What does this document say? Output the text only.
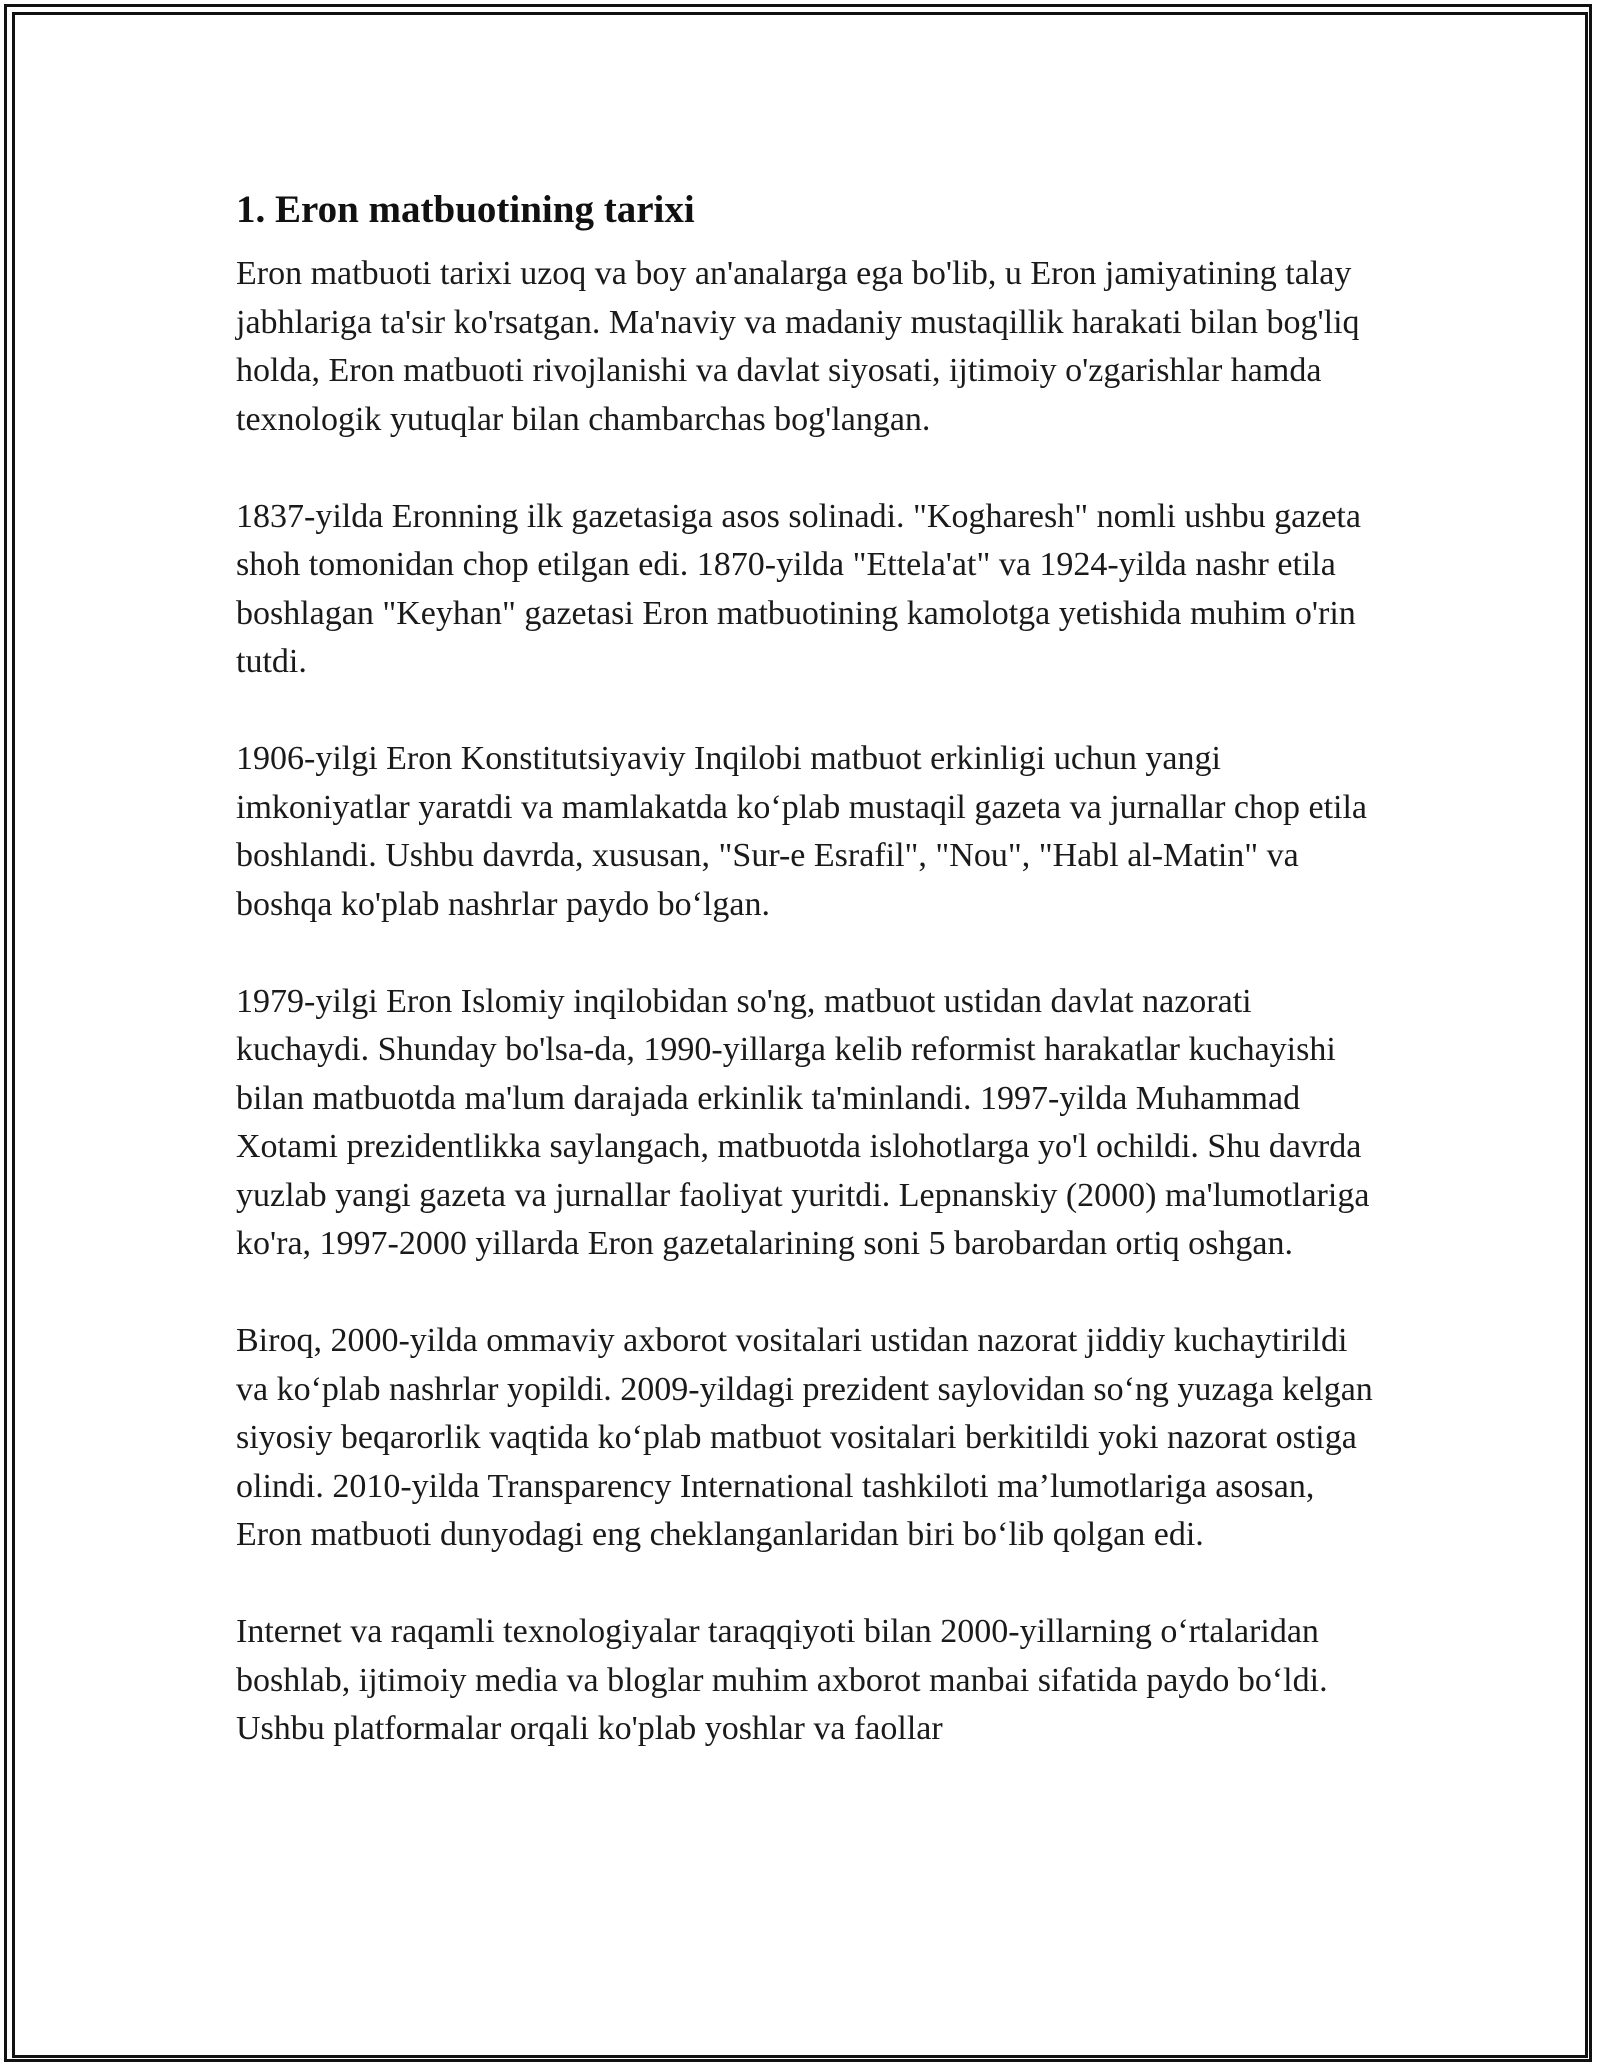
1. Eron matbuotining tarixi

Eron matbuoti tarixi uzoq va boy an'analarga ega bo'lib, u Eron jamiyatining talay jabhlariga ta'sir ko'rsatgan. Ma'naviy va madaniy mustaqillik harakati bilan bog'liq holda, Eron matbuoti rivojlanishi va davlat siyosati, ijtimoiy o'zgarishlar hamda texnologik yutuqlar bilan chambarchas bog'langan.

1837-yilda Eronning ilk gazetasiga asos solinadi. "Kogharesh" nomli ushbu gazeta shoh tomonidan chop etilgan edi. 1870-yilda "Ettela'at" va 1924-yilda nashr etila boshlagan "Keyhan" gazetasi Eron matbuotining kamolotga yetishida muhim o'rin tutdi.

1906-yilgi Eron Konstitutsiyaviy Inqilobi matbuot erkinligi uchun yangi imkoniyatlar yaratdi va mamlakatda ko‘plab mustaqil gazeta va jurnallar chop etila boshlandi. Ushbu davrda, xususan, "Sur-e Esrafil", "Nou", "Habl al-Matin" va boshqa ko'plab nashrlar paydo bo‘lgan.

1979-yilgi Eron Islomiy inqilobidan so'ng, matbuot ustidan davlat nazorati kuchaydi. Shunday bo'lsa-da, 1990-yillarga kelib reformist harakatlar kuchayishi bilan matbuotda ma'lum darajada erkinlik ta'minlandi. 1997-yilda Muhammad Xotami prezidentlikka saylangach, matbuotda islohotlarga yo'l ochildi. Shu davrda yuzlab yangi gazeta va jurnallar faoliyat yuritdi. Lepnanskiy (2000) ma'lumotlariga ko'ra, 1997-2000 yillarda Eron gazetalarining soni 5 barobardan ortiq oshgan.

Biroq, 2000-yilda ommaviy axborot vositalari ustidan nazorat jiddiy kuchaytirildi va ko‘plab nashrlar yopildi. 2009-yildagi prezident saylovidan so‘ng yuzaga kelgan siyosiy beqarorlik vaqtida ko‘plab matbuot vositalari berkitildi yoki nazorat ostiga olindi. 2010-yilda Transparency International tashkiloti ma’lumotlariga asosan, Eron matbuoti dunyodagi eng cheklanganlaridan biri bo‘lib qolgan edi.

Internet va raqamli texnologiyalar taraqqiyoti bilan 2000-yillarning o‘rtalaridan boshlab, ijtimoiy media va bloglar muhim axborot manbai sifatida paydo bo‘ldi. Ushbu platformalar orqali ko'plab yoshlar va faollar
